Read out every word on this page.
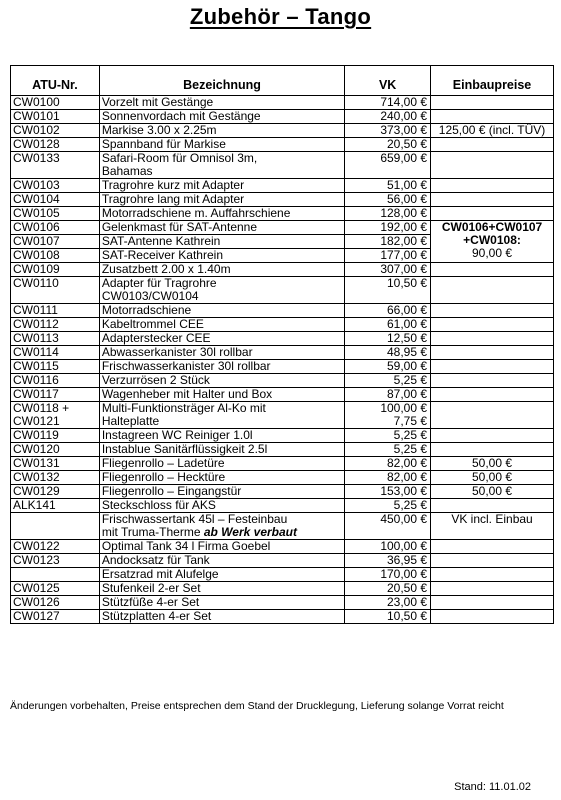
Zubehör – Tango
ATU-Nr.	Bezeichnung	VK	Einbaupreise
CW0100	Vorzelt mit Gestänge	714,00 €	
CW0101	Sonnenvordach mit Gestänge	240,00 €	
CW0102	Markise 3.00 x 2.25m	373,00 €	125,00 € (incl. TÜV)
CW0128	Spannband für Markise	20,50 €	
CW0133	Safari-Room für Omnisol 3m,
Bahamas	659,00 €	
CW0103	Tragrohre kurz mit Adapter	51,00 €	
CW0104	Tragrohre lang mit Adapter	56,00 €	
CW0105	Motorradschiene m. Auffahrschiene	128,00 €	
CW0106	Gelenkmast für SAT-Antenne	192,00 €	CW0106+CW0107
+CW0108:
90,00 €

CW0107	SAT-Antenne Kathrein	182,00 €	
CW0108	SAT-Receiver Kathrein	177,00 €	
CW0109	Zusatzbett 2.00 x 1.40m	307,00 €	
CW0110	Adapter für Tragrohre
CW0103/CW0104	10,50 €	
CW0111	Motorradschiene	66,00 €	
CW0112	Kabeltrommel CEE	61,00 €	
CW0113	Adapterstecker CEE	12,50 €	
CW0114	Abwasserkanister 30l rollbar	48,95 €	
CW0115	Frischwasserkanister 30l rollbar	59,00 €	
CW0116	Verzurrösen 2 Stück	5,25 €	
CW0117	Wagenheber mit Halter und Box	87,00 €	
CW0118 +
CW0121	Multi-Funktionsträger Al-Ko mit
Halteplatte	100,00 €
7,75 €	
CW0119	Instagreen WC Reiniger 1.0l	5,25 €	
CW0120	Instablue Sanitärflüssigkeit 2.5l	5,25 €	
CW0131	Fliegenrollo – Ladetüre	82,00 €	50,00 €
CW0132	Fliegenrollo – Hecktüre	82,00 €	50,00 €
CW0129	Fliegenrollo – Eingangstür	153,00 €	50,00 €
ALK141	Steckschloss für AKS	5,25 €	
	Frischwassertank 45l – Festeinbau
mit Truma-Therme ab Werk verbaut	450,00 €	VK incl. Einbau
CW0122	Optimal Tank 34 l Firma Goebel	100,00 €	
CW0123	Andocksatz für Tank	36,95 €	
	Ersatzrad mit Alufelge	170,00 €	
CW0125	Stufenkeil 2-er Set	20,50 €	
CW0126	Stützfüße 4-er Set	23,00 €	
CW0127	Stützplatten 4-er Set	10,50 €	
Änderungen vorbehalten, Preise entsprechen dem Stand der Drucklegung, Lieferung solange Vorrat reicht
Stand: 11.01.02
